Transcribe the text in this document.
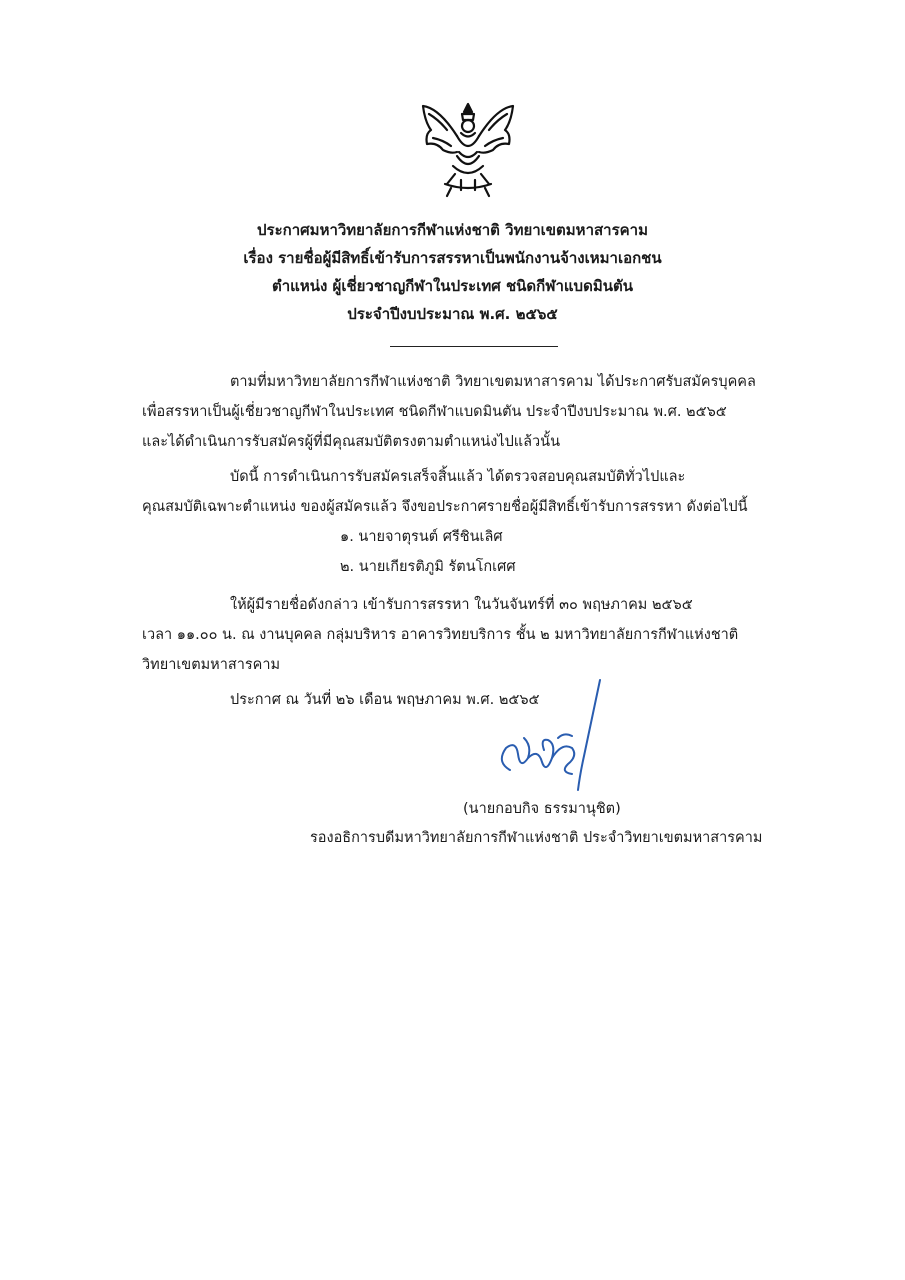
ประกาศมหาวิทยาลัยการกีฬาแห่งชาติ วิทยาเขตมหาสารคาม
เรื่อง รายชื่อผู้มีสิทธิ์เข้ารับการสรรหาเป็นพนักงานจ้างเหมาเอกชน
ตำแหน่ง ผู้เชี่ยวชาญกีฬาในประเทศ ชนิดกีฬาแบดมินตัน
ประจำปีงบประมาณ พ.ศ. ๒๕๖๕
ตามที่มหาวิทยาลัยการกีฬาแห่งชาติ วิทยาเขตมหาสารคาม ได้ประกาศรับสมัครบุคคล
เพื่อสรรหาเป็นผู้เชี่ยวชาญกีฬาในประเทศ ชนิดกีฬาแบดมินตัน ประจำปีงบประมาณ พ.ศ. ๒๕๖๕
และได้ดำเนินการรับสมัครผู้ที่มีคุณสมบัติตรงตามตำแหน่งไปแล้วนั้น
บัดนี้ การดำเนินการรับสมัครเสร็จสิ้นแล้ว ได้ตรวจสอบคุณสมบัติทั่วไปและ
คุณสมบัติเฉพาะตำแหน่ง ของผู้สมัครแล้ว จึงขอประกาศรายชื่อผู้มีสิทธิ์เข้ารับการสรรหา ดังต่อไปนี้
๑. นายจาตุรนต์ ศรีชินเลิศ
๒. นายเกียรติภูมิ รัตนโกเศศ
ให้ผู้มีรายชื่อดังกล่าว เข้ารับการสรรหา ในวันจันทร์ที่ ๓๐ พฤษภาคม ๒๕๖๕
เวลา ๑๑.๐๐ น. ณ งานบุคคล กลุ่มบริหาร อาคารวิทยบริการ ชั้น ๒ มหาวิทยาลัยการกีฬาแห่งชาติ
วิทยาเขตมหาสารคาม
ประกาศ ณ วันที่ ๒๖ เดือน พฤษภาคม พ.ศ. ๒๕๖๕
(นายกอบกิจ ธรรมานุชิต)
รองอธิการบดีมหาวิทยาลัยการกีฬาแห่งชาติ ประจำวิทยาเขตมหาสารคาม
